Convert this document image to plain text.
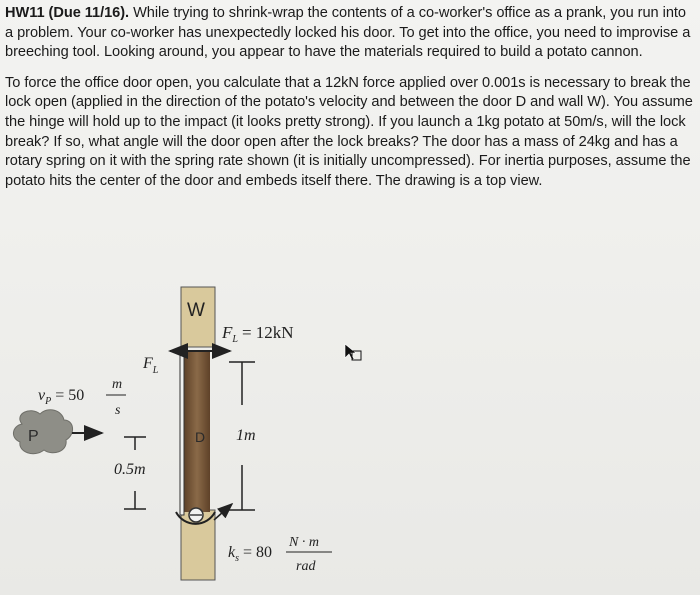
HW11 (Due 11/16). While trying to shrink-wrap the contents of a co-worker's office as a prank, you run into a problem. Your co-worker has unexpectedly locked his door. To get into the office, you need to improvise a breeching tool. Looking around, you appear to have the materials required to build a potato cannon.

To force the office door open, you calculate that a 12kN force applied over 0.001s is necessary to break the lock open (applied in the direction of the potato's velocity and between the door D and wall W). You assume the hinge will hold up to the impact (it looks pretty strong). If you launch a 1kg potato at 50m/s, will the lock break? If so, what angle will the door open after the lock breaks? The door has a mass of 24kg and has a rotary spring on it with the spring rate shown (it is initially uncompressed). For inertia purposes, assume the potato hits the center of the door and embeds itself there. The drawing is a top view.

W
D
$F_L = 12kN$
$F_L$
1m
0.5m
P
$v_P = 50$
m
s
$k_s = 80$
N · m
rad
